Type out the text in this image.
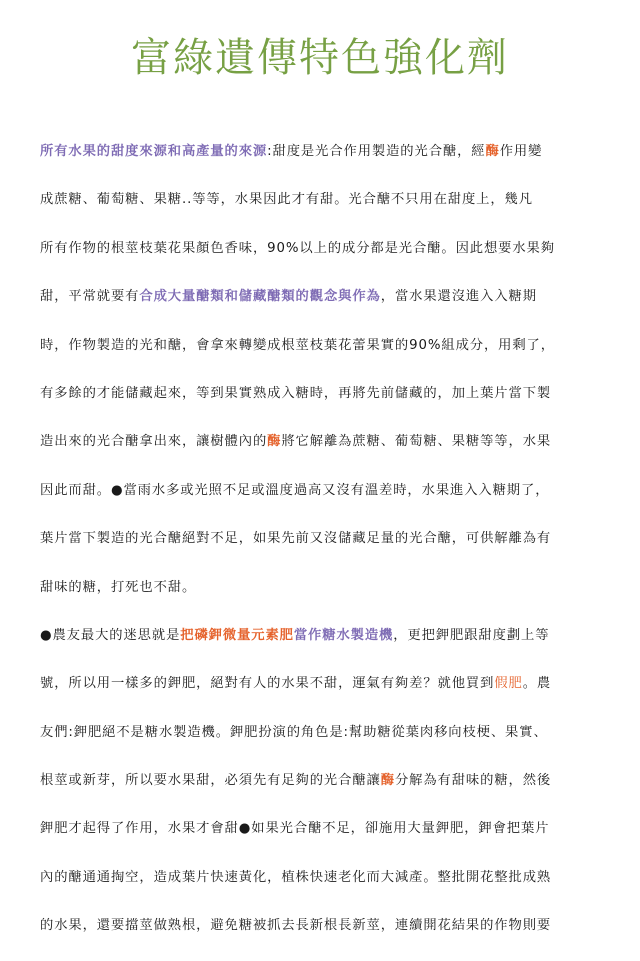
富綠遺傳特色強化劑
所有水果的甜度來源和高產量的來源:甜度是光合作用製造的光合醣，經酶作用變
成蔗糖、葡萄糖、果糖..等等，水果因此才有甜。光合醣不只用在甜度上，幾凡
所有作物的根莖枝葉花果顏色香味，90%以上的成分都是光合醣。因此想要水果夠
甜，平常就要有合成大量醣類和儲藏醣類的觀念與作為，當水果還沒進入入糖期
時，作物製造的光和醣，會拿來轉變成根莖枝葉花蕾果實的90%組成分，用剩了，
有多餘的才能儲藏起來，等到果實熟成入糖時，再將先前儲藏的，加上葉片當下製
造出來的光合醣拿出來，讓樹體內的酶將它解離為蔗糖、葡萄糖、果糖等等，水果
因此而甜。●當雨水多或光照不足或溫度過高又沒有溫差時，水果進入入糖期了，
葉片當下製造的光合醣絕對不足，如果先前又沒儲藏足量的光合醣，可供解離為有
甜味的糖，打死也不甜。
●農友最大的迷思就是把磷鉀微量元素肥當作糖水製造機，更把鉀肥跟甜度劃上等
號，所以用一樣多的鉀肥，絕對有人的水果不甜，運氣有夠差？就他買到假肥。農
友們:鉀肥絕不是糖水製造機。鉀肥扮演的角色是:幫助糖從葉肉移向枝梗、果實、
根莖或新芽，所以要水果甜，必須先有足夠的光合醣讓酶分解為有甜味的糖，然後
鉀肥才起得了作用，水果才會甜●如果光合醣不足，卻施用大量鉀肥，鉀會把葉片
內的醣通通掏空，造成葉片快速黃化，植株快速老化而大減產。整批開花整批成熟
的水果，還要擋莖做熟根，避免糖被抓去長新根長新莖，連續開花結果的作物則要
